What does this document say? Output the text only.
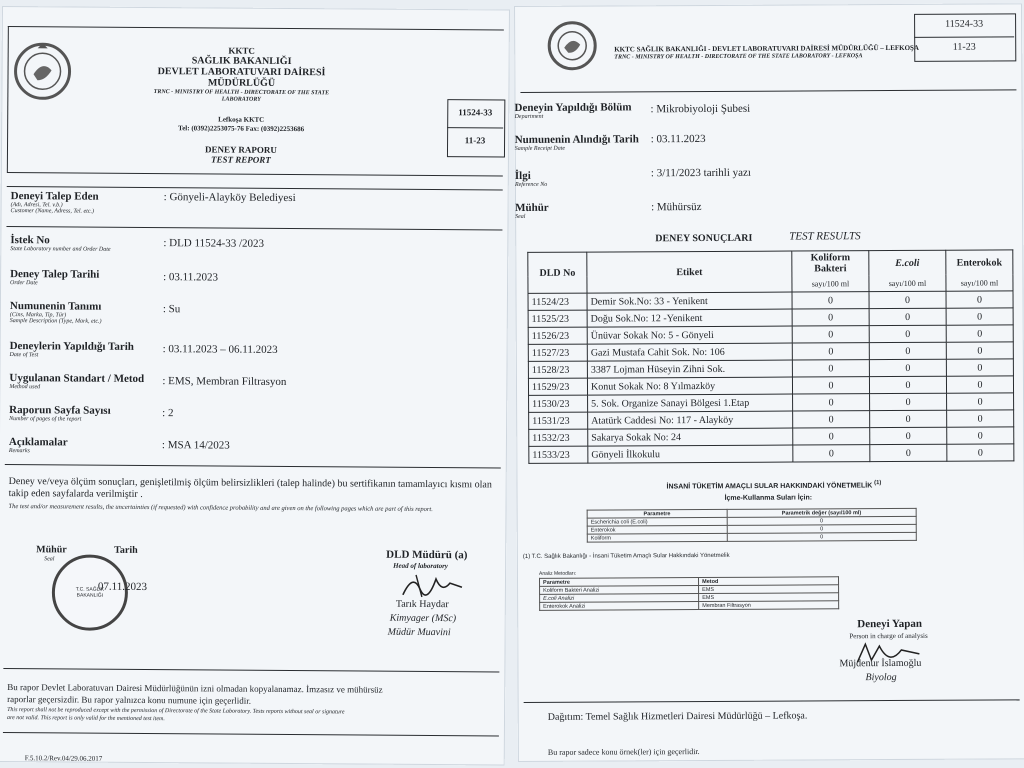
KKTC
SAĞLIK BAKANLIĞI
DEVLET LABORATUVARI DAİRESİ
MÜDÜRLÜĞÜ
TRNC - MINISTRY OF HEALTH - DIRECTORATE OF THE STATE
LABORATORY
Lefkoşa KKTC
Tel: (0392)2253075-76 Fax: (0392)2253686
DENEY RAPORU
TEST REPORT
11524-33
11-23
Deneyi Talep Eden
(Adı, Adresi, Tel. v.b.)
Customer (Name, Adress, Tel. etc.)
: Gönyeli-Alayköy Belediyesi
İstek No
State Laboratory number and Order Date	: DLD 11524-33 /2023
Deney Talep Tarihi
Order Date	: 03.11.2023
Numunenin Tanımı
(Cins, Marka, Tip, Tür)
Sample Description (Type, Mark, etc.)
: Su
Deneylerin Yapıldığı Tarih
Date of Test	: 03.11.2023 – 06.11.2023
Uygulanan Standart / Metod
Method used	: EMS, Membran Filtrasyon
Raporun Sayfa Sayısı
Number of pages of the report
: 2
Açıklamalar
Remarks	: MSA 14/2023
Deney ve/veya ölçüm sonuçları, genişletilmiş ölçüm belirsizlikleri (talep halinde) bu sertifikanın tamamlayıcı kısmı olan takip eden sayfalarda verilmiştir .
The test and/or measurement results, the uncertainties (if requested) with confidence probability and are given on the following pages which are part of this report.
Mühür
Seal
Tarih
T.C. SAĞLIK BAKANLIĞI
07.11.2023
DLD Müdürü (a)
Head of laboratory
Tarık Haydar
Kimyager (MSc)
Müdür Muavini
Bu rapor Devlet Laboratuvarı Dairesi Müdürlüğünün izni olmadan kopyalanamaz. İmzasız ve mühürsüz
raporlar geçersizdir. Bu rapor yalnızca konu numune için geçerlidir.
This report shall not be reproduced except with the permission of Directorate of the State Laboratory. Tests reports without seal or signature
are not valid. This report is only valid for the mentioned test item.
F.5.10.2/Rev.04/29.06.2017
KKTC SAĞLIK BAKANLIĞI - DEVLET LABORATUVARI DAİRESİ MÜDÜRLÜĞÜ – LEFKOŞA
TRNC - MINISTRY OF HEALTH - DIRECTORATE OF THE STATE LABORATORY - LEFKOŞA
11524-33
11-23
Deneyin Yapıldığı Bölüm
Department
: Mikrobiyoloji Şubesi
Numunenin Alındığı Tarih
Sample Receipt Date
: 03.11.2023
İlgi
Reference No
: 3/11/2023 tarihli yazı
Mühür
Seal
: Mühürsüz
DENEY SONUÇLARI	TEST RESULTS
DLD No	Etiket	Koliform Bakteri	E.coli	Enterokok
		sayı/100 ml	sayı/100 ml	sayı/100 ml
11524/23	Demir Sok.No: 33 - Yenikent	0	0	0
11525/23	Doğu Sok.No: 12 -Yenikent	0	0	0
11526/23	Ünüvar Sokak No: 5 - Gönyeli	0	0	0
11527/23	Gazi Mustafa Cahit Sok. No: 106	0	0	0
11528/23	3387 Lojman Hüseyin Zihni Sok.	0	0	0
11529/23	Konut Sokak No: 8 Yılmazköy	0	0	0
11530/23	5. Sok. Organize Sanayi Bölgesi 1.Etap	0	0	0
11531/23	Atatürk Caddesi No: 117 - Alayköy	0	0	0
11532/23	Sakarya Sokak No: 24	0	0	0
11533/23	Gönyeli İlkokulu	0	0	0
İNSANİ TÜKETİM AMAÇLI SULAR HAKKINDAKİ YÖNETMELİK $^{(1)}$
İçme-Kullanma Suları İçin:
Parametre	Parametrik değer (sayı/100 ml)
Escherichia coli (E.coli)	0
Enterokok	0
Koliform	0
(1) T.C. Sağlık Bakanlığı - İnsani Tüketim Amaçlı Sular Hakkındaki Yönetmelik
Analiz Metodları:
Parametre	Metod
Koliform Bakteri Analizi	EMS
E.coli Analizi	EMS
Enterokok Analizi	Membran Filtrasyon
Deneyi Yapan
Person in charge of analysis
Müjdenur İslamoğlu
Biyolog
Dağıtım: Temel Sağlık Hizmetleri Dairesi Müdürlüğü – Lefkoşa.
Bu rapor sadece konu örnek(ler) için geçerlidir.
